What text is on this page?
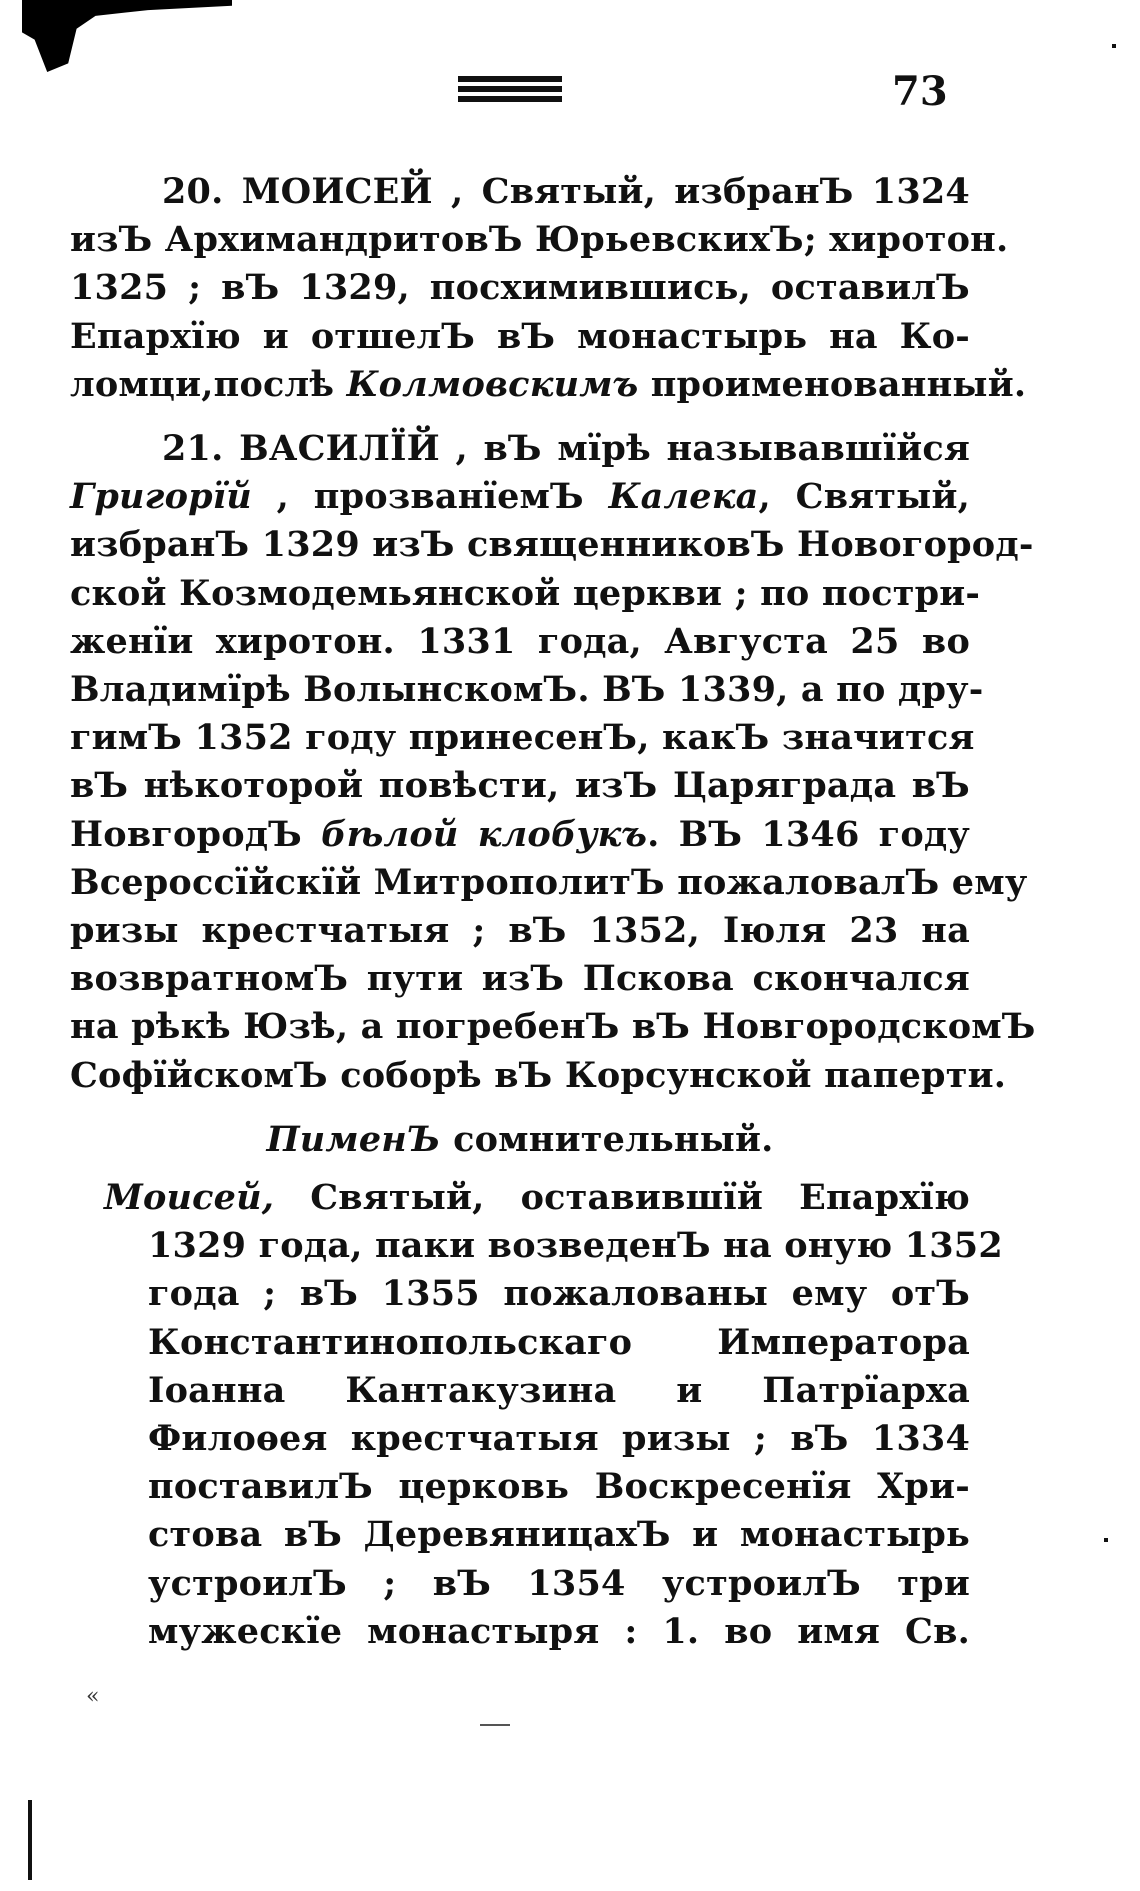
73
20. МОИСЕЙ , Святый, избранЪ 1324
изЪ АрхимандритовЪ ЮрьевскихЪ; хиротон.
1325 ; вЪ 1329, посхимившись, оставилЪ
Епархїю и отшелЪ вЪ монастырь на Ко-
ломци,послѣ Колмовскимъ проименованный.
21. ВАСИЛЇЙ , вЪ мїрѣ называвшїйся
Григорїй , прозванїемЪ Калека, Святый,
избранЪ 1329 изЪ священниковЪ Новогород-
ской Козмодемьянской церкви ; по постри-
женїи хиротон. 1331 года, Августа 25 во
Владимїрѣ ВолынскомЪ. ВЪ 1339, а по дру-
гимЪ 1352 году принесенЪ, какЪ значится
вЪ нѣкоторой повѣсти, изЪ Царяграда вЪ
НовгородЪ бѣлой клобукъ. ВЪ 1346 году
Всероссїйскїй МитрополитЪ пожаловалЪ ему
ризы крестчатыя ; вЪ 1352, Іюля 23 на
возвратномЪ пути изЪ Пскова скончался
на рѣкѣ Юзѣ, а погребенЪ вЪ НовгородскомЪ
СофїйскомЪ соборѣ вЪ Корсунской паперти.
ПименЪ сомнительный.
Моисей, Святый, оставившїй Епархїю
1329 года, паки возведенЪ на оную 1352
года ; вЪ 1355 пожалованы ему отЪ
Константинопольскаго Императора
Іоанна Кантакузина и Патрїарха
Филоѳея крестчатыя ризы ; вЪ 1334
поставилЪ церковь Воскресенїя Хри-
стова вЪ ДеревяницахЪ и монастырь
устроилЪ ; вЪ 1354 устроилЪ три
мужескїе монастыря : 1. во имя Св.
«
